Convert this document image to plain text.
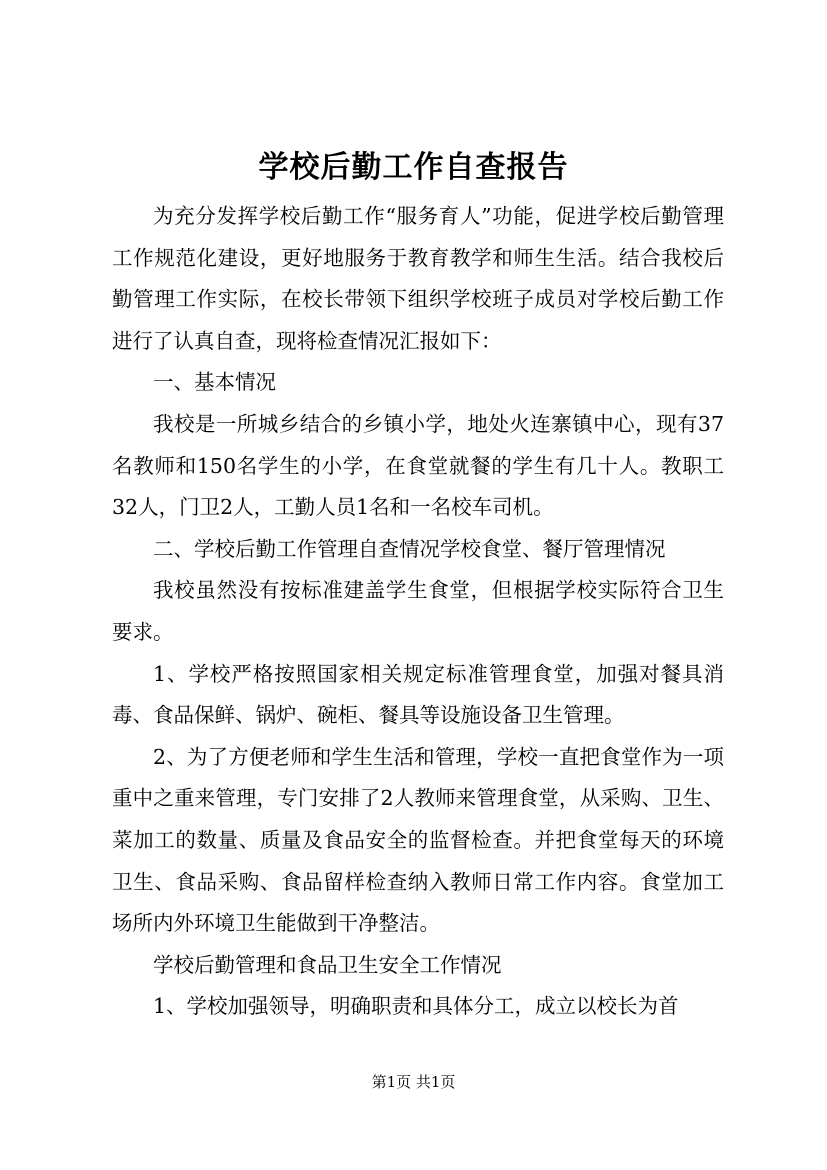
学校后勤工作自查报告

为充分发挥学校后勤工作“服务育人”功能，促进学校后勤管理工作规范化建设，更好地服务于教育教学和师生生活。结合我校后勤管理工作实际，在校长带领下组织学校班子成员对学校后勤工作进行了认真自查，现将检查情况汇报如下：

一、基本情况

我校是一所城乡结合的乡镇小学，地处火连寨镇中心，现有37名教师和150名学生的小学，在食堂就餐的学生有几十人。教职工32人，门卫2人，工勤人员1名和一名校车司机。

二、学校后勤工作管理自查情况学校食堂、餐厅管理情况

我校虽然没有按标准建盖学生食堂，但根据学校实际符合卫生要求。

1、学校严格按照国家相关规定标准管理食堂，加强对餐具消毒、食品保鲜、锅炉、碗柜、餐具等设施设备卫生管理。

2、为了方便老师和学生生活和管理，学校一直把食堂作为一项重中之重来管理，专门安排了2人教师来管理食堂，从采购、卫生、菜加工的数量、质量及食品安全的监督检查。并把食堂每天的环境卫生、食品采购、食品留样检查纳入教师日常工作内容。食堂加工场所内外环境卫生能做到干净整洁。

学校后勤管理和食品卫生安全工作情况

1、学校加强领导，明确职责和具体分工，成立以校长为首

第1页 共1页
